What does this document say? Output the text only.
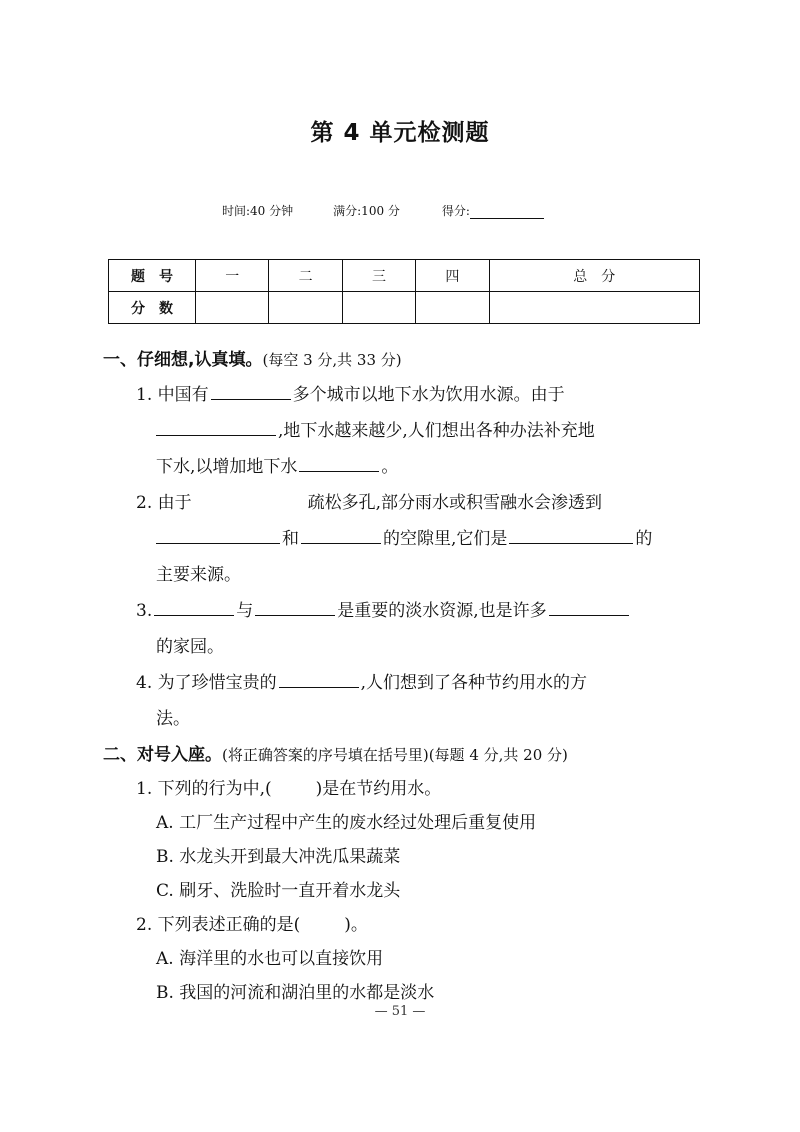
第 4 单元检测题
时间:40 分钟	满分:100 分	得分:
题　号	一	二	三	四	总　分
分　数					
一、仔细想,认真填。(每空 3 分,共 33 分)
1. 中国有	多个城市以地下水为饮用水源。由于
,地下水越来越少,人们想出各种办法补充地
下水,以增加地下水	。
2. 由于	疏松多孔,部分雨水或积雪融水会渗透到
和	的空隙里,它们是	的
主要来源。
3.	与	是重要的淡水资源,也是许多
的家园。
4. 为了珍惜宝贵的	,人们想到了各种节约用水的方
法。
二、对号入座。(将正确答案的序号填在括号里)(每题 4 分,共 20 分)
1. 下列的行为中,(	)是在节约用水。
A. 工厂生产过程中产生的废水经过处理后重复使用
B. 水龙头开到最大冲洗瓜果蔬菜
C. 刷牙、洗脸时一直开着水龙头
2. 下列表述正确的是(	)。
A. 海洋里的水也可以直接饮用
B. 我国的河流和湖泊里的水都是淡水
— 51 —
